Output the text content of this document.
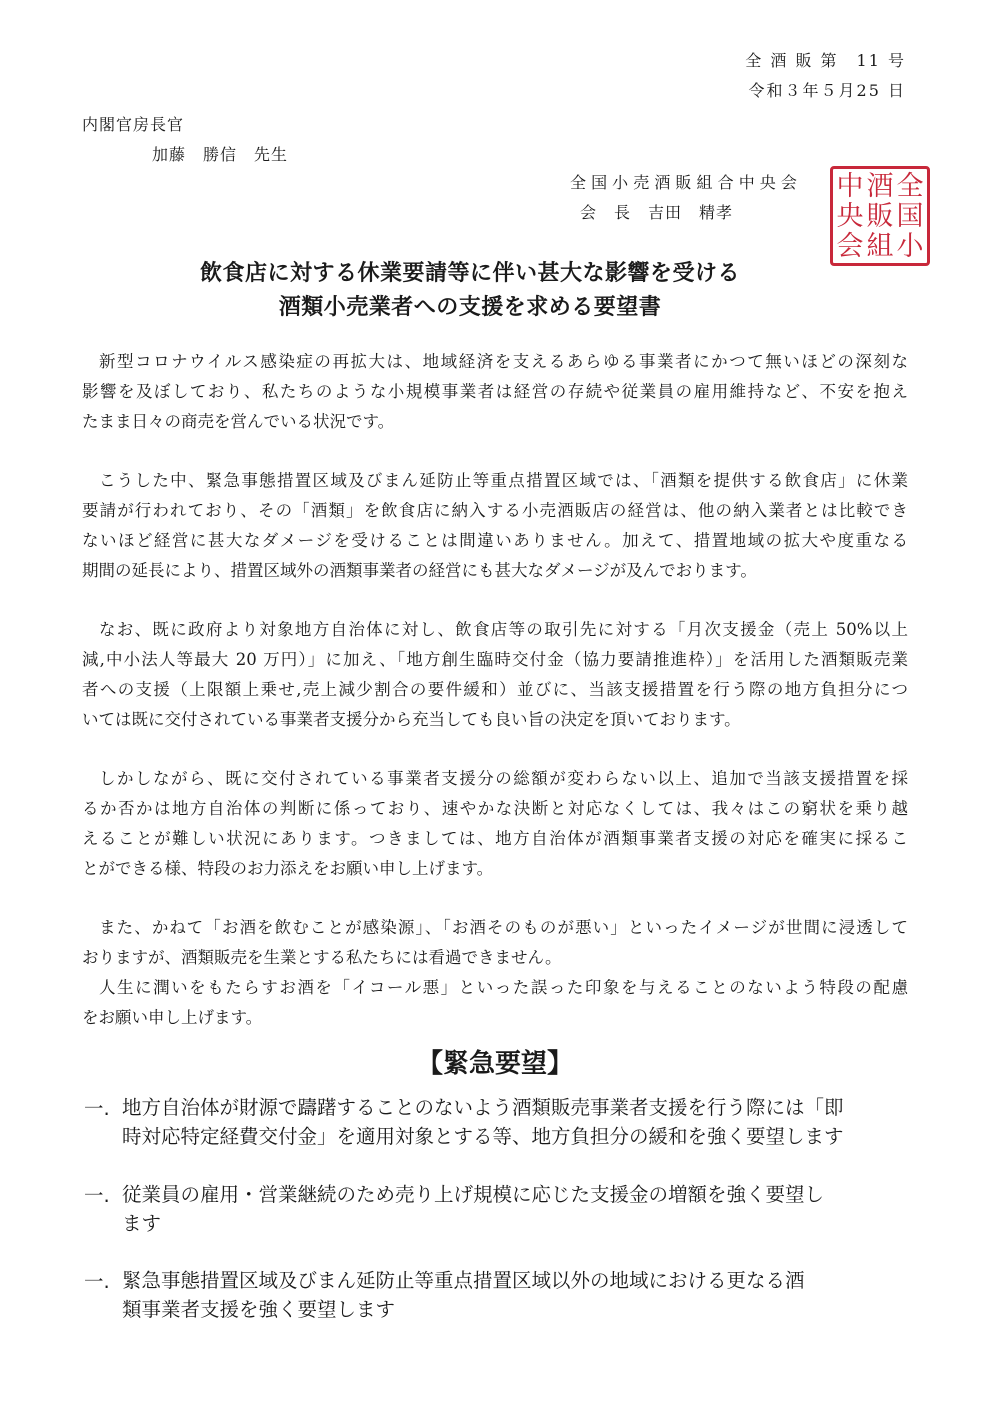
全 酒 販 第　11 号
令和３年５月25 日
内閣官房長官
加藤　勝信　先生
全 国 小 売 酒 販 組 合 中 央 会
会　長　吉田　精孝
中 酒 全
央 販 国
会 組 小
飲食店に対する休業要請等に伴い甚大な影響を受ける
酒類小売業者への支援を求める要望書
新型コロナウイルス感染症の再拡大は、地域経済を支えるあらゆる事業者にかつて無いほどの深刻な
影響を及ぼしており、私たちのような小規模事業者は経営の存続や従業員の雇用維持など、不安を抱え
たまま日々の商売を営んでいる状況です。
こうした中、緊急事態措置区域及びまん延防止等重点措置区域では、「酒類を提供する飲食店」に休業
要請が行われており、その「酒類」を飲食店に納入する小売酒販店の経営は、他の納入業者とは比較でき
ないほど経営に甚大なダメージを受けることは間違いありません。加えて、措置地域の拡大や度重なる
期間の延長により、措置区域外の酒類事業者の経営にも甚大なダメージが及んでおります。
なお、既に政府より対象地方自治体に対し、飲食店等の取引先に対する「月次支援金（売上 50%以上
減,中小法人等最大 20 万円）」に加え、「地方創生臨時交付金（協力要請推進枠）」を活用した酒類販売業
者への支援（上限額上乗せ,売上減少割合の要件緩和）並びに、当該支援措置を行う際の地方負担分につ
いては既に交付されている事業者支援分から充当しても良い旨の決定を頂いております。
しかしながら、既に交付されている事業者支援分の総額が変わらない以上、追加で当該支援措置を採
るか否かは地方自治体の判断に係っており、速やかな決断と対応なくしては、我々はこの窮状を乗り越
えることが難しい状況にあります。つきましては、地方自治体が酒類事業者支援の対応を確実に採るこ
とができる様、特段のお力添えをお願い申し上げます。
また、かねて「お酒を飲むことが感染源」、「お酒そのものが悪い」といったイメージが世間に浸透して
おりますが、酒類販売を生業とする私たちには看過できません。
人生に潤いをもたらすお酒を「イコール悪」といった誤った印象を与えることのないよう特段の配慮
をお願い申し上げます。
【緊急要望】
一. 地方自治体が財源で躊躇することのないよう酒類販売事業者支援を行う際には「即
時対応特定経費交付金」を適用対象とする等、地方負担分の緩和を強く要望します
一. 従業員の雇用・営業継続のため売り上げ規模に応じた支援金の増額を強く要望し
ます
一. 緊急事態措置区域及びまん延防止等重点措置区域以外の地域における更なる酒
類事業者支援を強く要望します
